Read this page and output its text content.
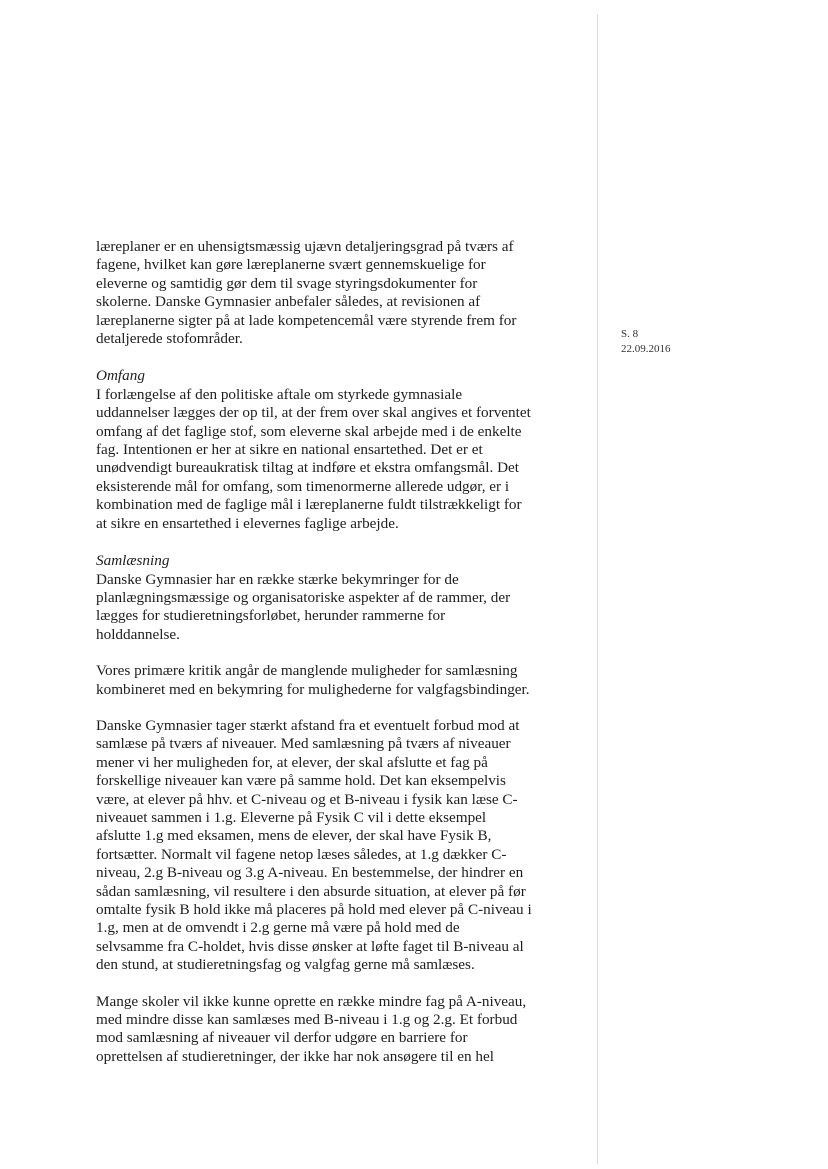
S. 8
22.09.2016
læreplaner er en uhensigtsmæssig ujævn detaljeringsgrad på tværs af
fagene, hvilket kan gøre læreplanerne svært gennemskuelige for
eleverne og samtidig gør dem til svage styringsdokumenter for
skolerne. Danske Gymnasier anbefaler således, at revisionen af
læreplanerne sigter på at lade kompetencemål være styrende frem for
detaljerede stofområder.
Omfang
I forlængelse af den politiske aftale om styrkede gymnasiale
uddannelser lægges der op til, at der frem over skal angives et forventet
omfang af det faglige stof, som eleverne skal arbejde med i de enkelte
fag. Intentionen er her at sikre en national ensartethed. Det er et
unødvendigt bureaukratisk tiltag at indføre et ekstra omfangsmål. Det
eksisterende mål for omfang, som timenormerne allerede udgør, er i
kombination med de faglige mål i læreplanerne fuldt tilstrækkeligt for
at sikre en ensartethed i elevernes faglige arbejde.
Samlæsning
Danske Gymnasier har en række stærke bekymringer for de
planlægningsmæssige og organisatoriske aspekter af de rammer, der
lægges for studieretningsforløbet, herunder rammerne for
holddannelse.
Vores primære kritik angår de manglende muligheder for samlæsning
kombineret med en bekymring for mulighederne for valgfagsbindinger.
Danske Gymnasier tager stærkt afstand fra et eventuelt forbud mod at
samlæse på tværs af niveauer. Med samlæsning på tværs af niveauer
mener vi her muligheden for, at elever, der skal afslutte et fag på
forskellige niveauer kan være på samme hold. Det kan eksempelvis
være, at elever på hhv. et C-niveau og et B-niveau i fysik kan læse C-
niveauet sammen i 1.g. Eleverne på Fysik C vil i dette eksempel
afslutte 1.g med eksamen, mens de elever, der skal have Fysik B,
fortsætter. Normalt vil fagene netop læses således, at 1.g dækker C-
niveau, 2.g B-niveau og 3.g A-niveau. En bestemmelse, der hindrer en
sådan samlæsning, vil resultere i den absurde situation, at elever på før
omtalte fysik B hold ikke må placeres på hold med elever på C-niveau i
1.g, men at de omvendt i 2.g gerne må være på hold med de
selvsamme fra C-holdet, hvis disse ønsker at løfte faget til B-niveau al
den stund, at studieretningsfag og valgfag gerne må samlæses.
Mange skoler vil ikke kunne oprette en række mindre fag på A-niveau,
med mindre disse kan samlæses med B-niveau i 1.g og 2.g. Et forbud
mod samlæsning af niveauer vil derfor udgøre en barriere for
oprettelsen af studieretninger, der ikke har nok ansøgere til en hel
